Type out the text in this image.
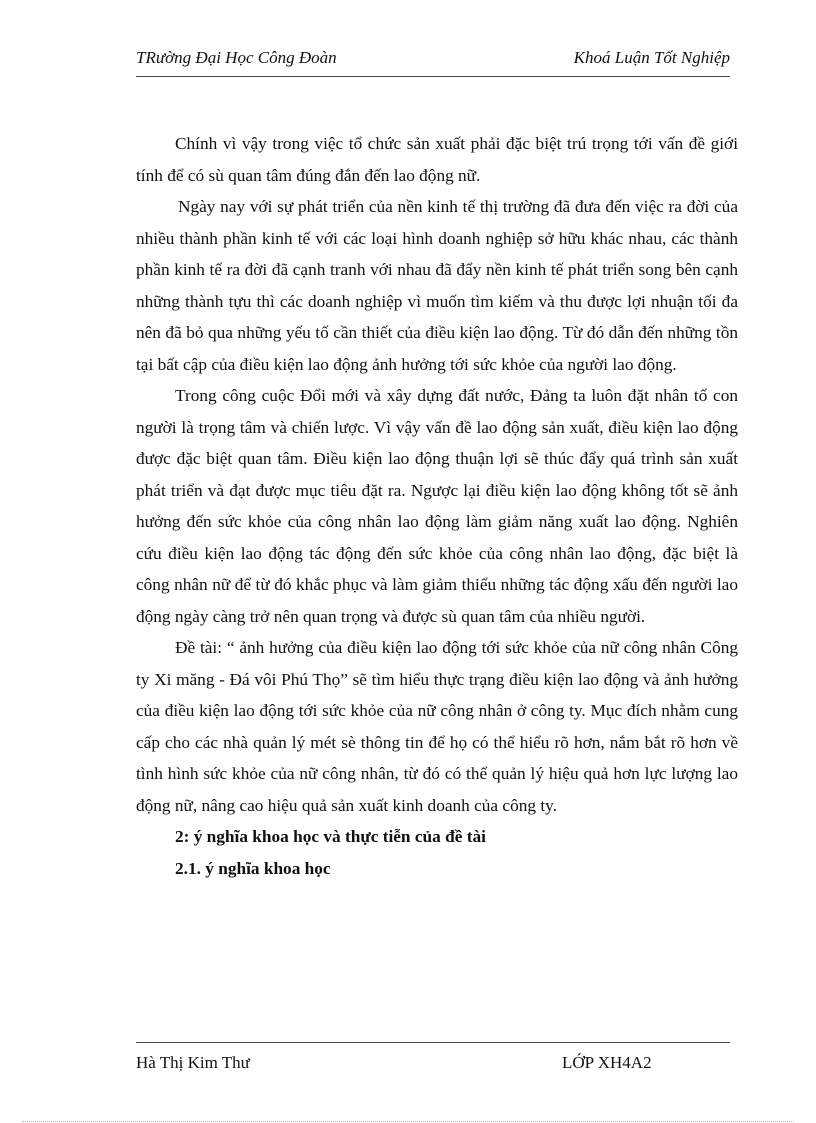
TRường Đại Học Công Đoàn	Khoá Luận Tốt Nghiệp

Chính vì vậy trong việc tổ chức sản xuất phải đặc biệt trú trọng tới vấn đề giới tính để có sù quan tâm đúng đắn đến lao động nữ.

Ngày nay với sự phát triển của nền kinh tế thị trường đã đưa đến việc ra đời của nhiều thành phần kinh tế với các loại hình doanh nghiệp sở hữu khác nhau, các thành phần kinh tế ra đời đã cạnh tranh với nhau đã đẩy nền kinh tế phát triển song bên cạnh những thành tựu thì các doanh nghiệp vì muốn tìm kiếm và thu được lợi nhuận tối đa nên đã bỏ qua những yếu tố cần thiết của điều kiện lao động. Từ đó dẫn đến những tồn tại bất cập của điều kiện lao động ảnh hưởng tới sức khỏe của người lao động.

Trong công cuộc Đổi mới và xây dựng đất nước, Đảng ta luôn đặt nhân tố con người là trọng tâm và chiến lược. Vì vậy vấn đề lao động sản xuất, điều kiện lao động được đặc biệt quan tâm. Điều kiện lao động thuận lợi sẽ thúc đẩy quá trình sản xuất phát triển và đạt được mục tiêu đặt ra. Ngược lại điều kiện lao động không tốt sẽ ảnh hưởng đến sức khỏe của công nhân lao động làm giảm năng xuất lao động. Nghiên cứu điều kiện lao động tác động đến sức khỏe của công nhân lao động, đặc biệt là công nhân nữ để từ đó khắc phục và làm giảm thiểu những tác động xấu đến người lao động ngày càng trở nên quan trọng và được sù quan tâm của nhiều người.

Đề tài: “ ảnh hưởng của điều kiện lao động tới sức khỏe của nữ công nhân Công ty Xi măng - Đá vôi Phú Thọ” sẽ tìm hiểu thực trạng điều kiện lao động và ảnh hưởng của điều kiện lao động tới sức khỏe của nữ công nhân ở công ty. Mục đích nhằm cung cấp cho các nhà quản lý mét sè thông tin để họ có thể hiểu rõ hơn, nắm bắt rõ hơn về tình hình sức khỏe của nữ công nhân, từ đó có thể quản lý hiệu quả hơn lực lượng lao động nữ, nâng cao hiệu quả sản xuất kinh doanh của công ty.

2: ý nghĩa khoa học và thực tiễn của đề tài
2.1. ý nghĩa khoa học
Hà Thị Kim Thư	LỚP XH4A2
